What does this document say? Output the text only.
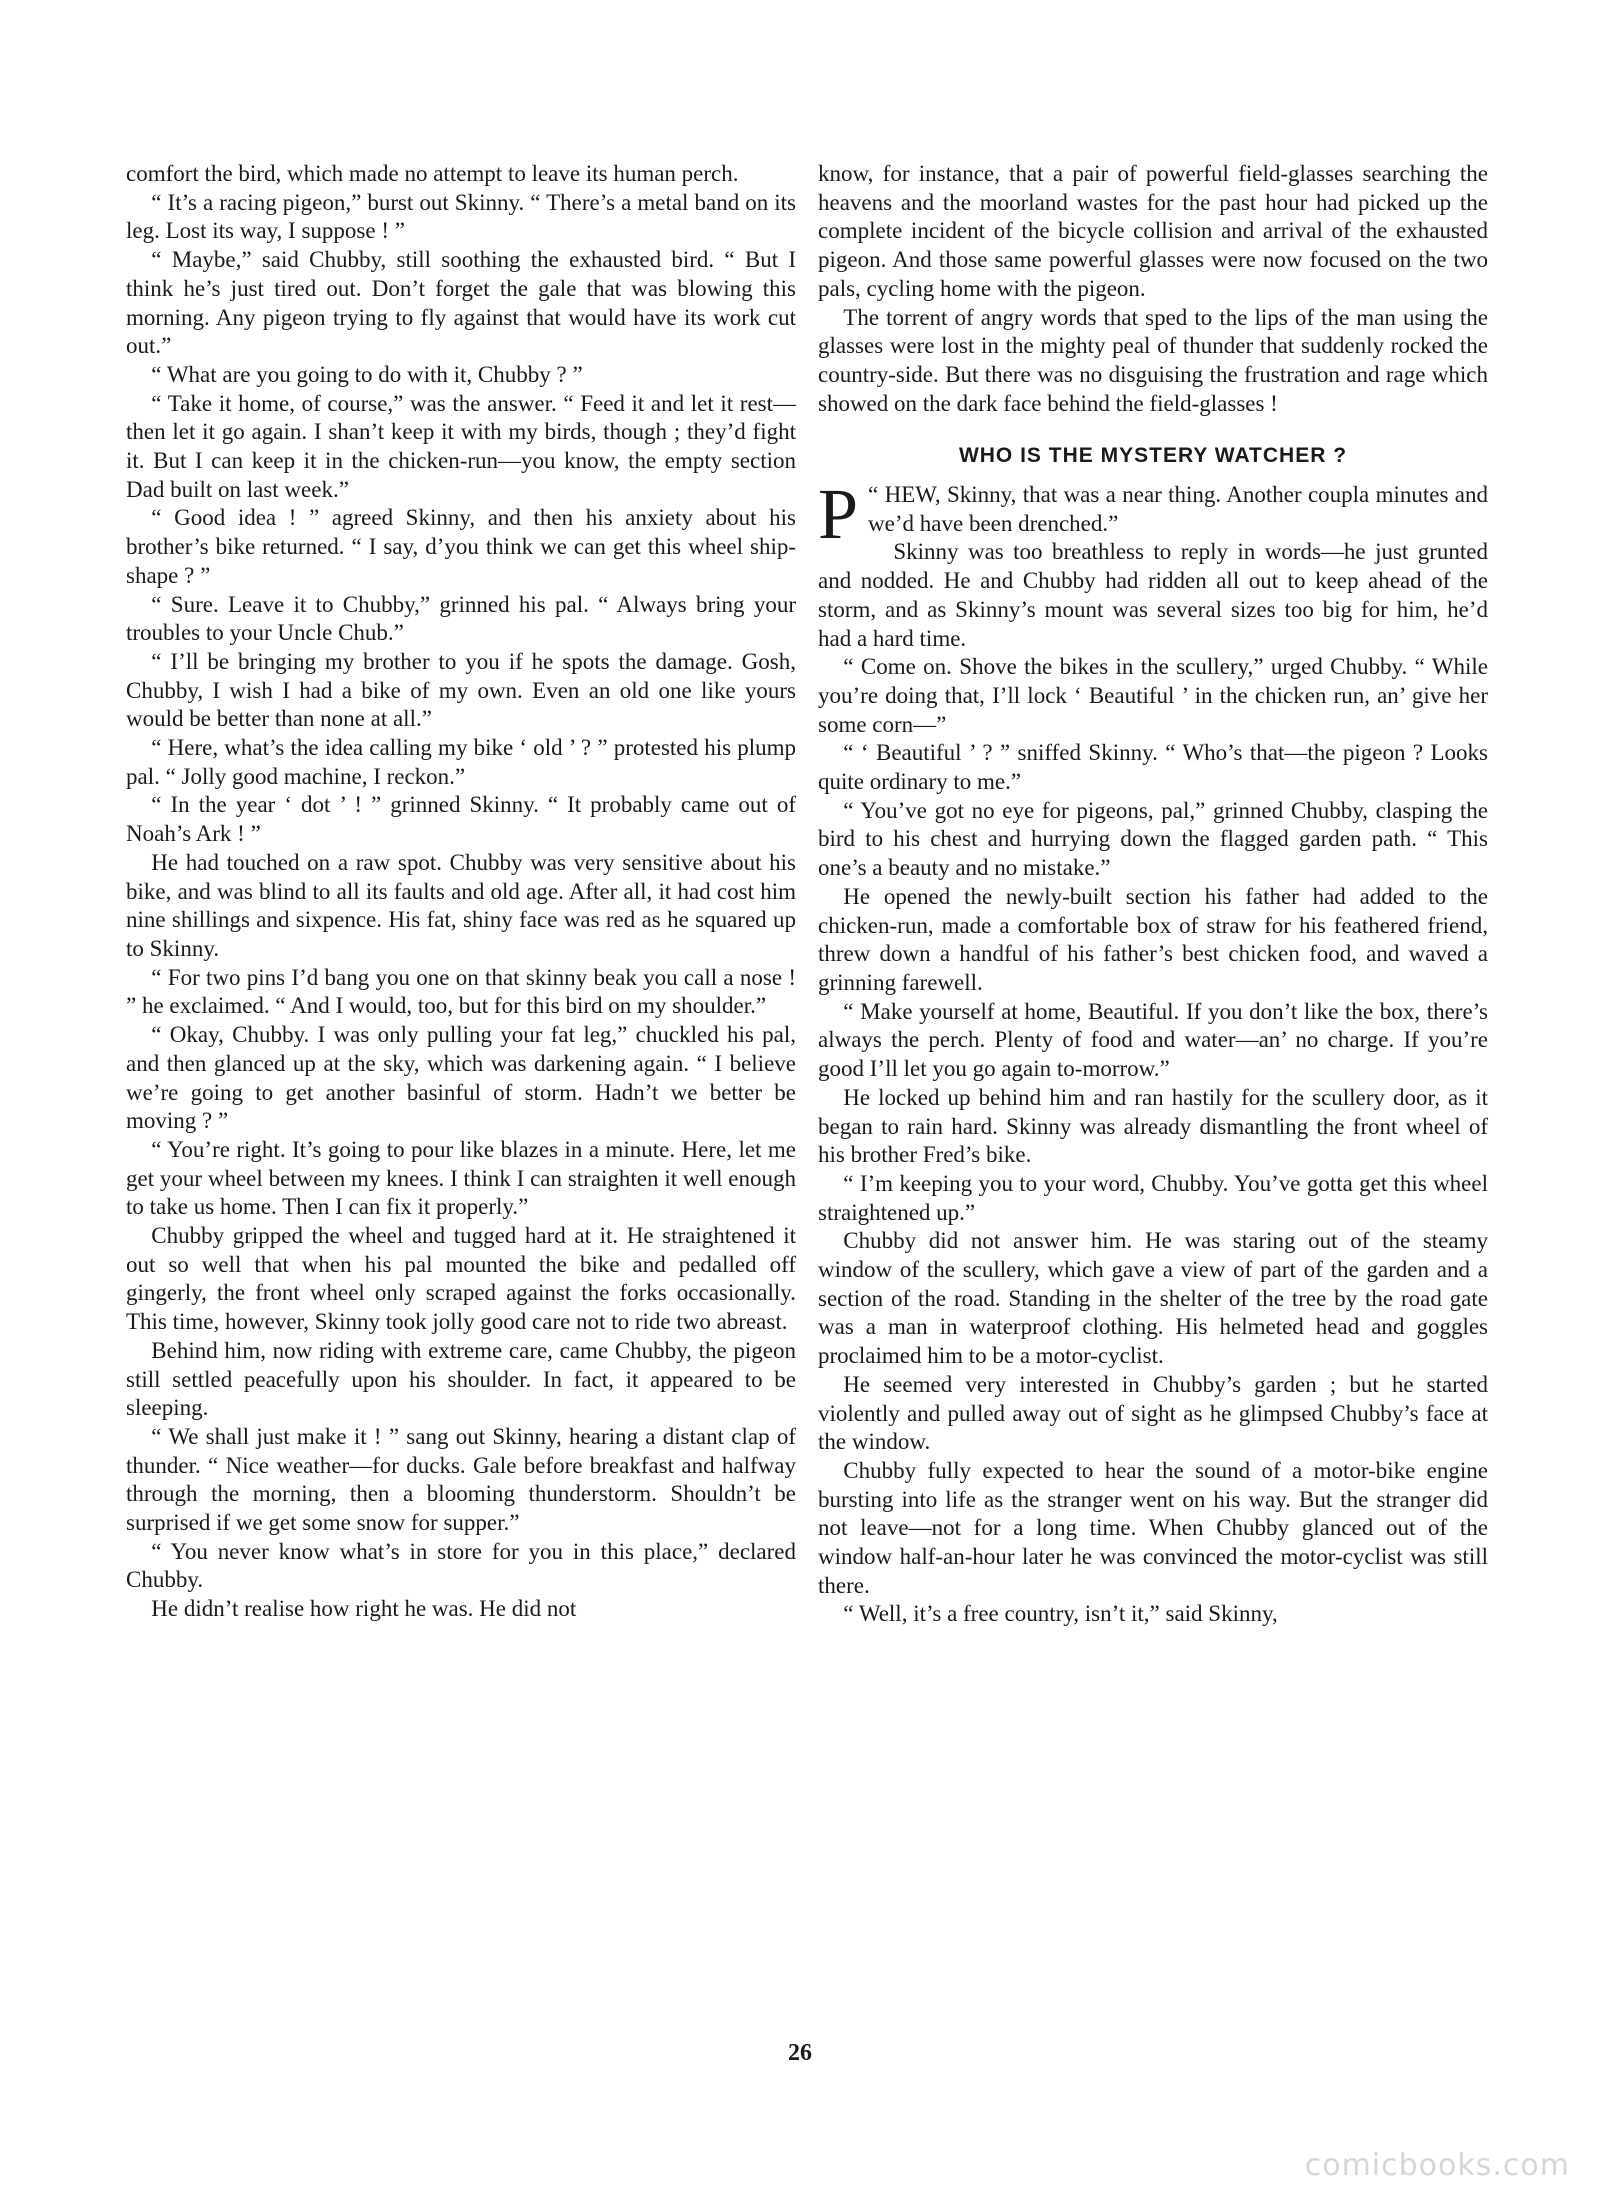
comfort the bird, which made no attempt to leave its human perch.

“ It’s a racing pigeon,” burst out Skinny. “ There’s a metal band on its leg. Lost its way, I suppose ! ”

“ Maybe,” said Chubby, still soothing the exhausted bird. “ But I think he’s just tired out. Don’t forget the gale that was blowing this morning. Any pigeon trying to fly against that would have its work cut out.”

“ What are you going to do with it, Chubby ? ”

“ Take it home, of course,” was the answer. “ Feed it and let it rest—then let it go again. I shan’t keep it with my birds, though ; they’d fight it. But I can keep it in the chicken-run—you know, the empty section Dad built on last week.”

“ Good idea ! ” agreed Skinny, and then his anxiety about his brother’s bike returned. “ I say, d’you think we can get this wheel ship-shape ? ”

“ Sure. Leave it to Chubby,” grinned his pal. “ Always bring your troubles to your Uncle Chub.”

“ I’ll be bringing my brother to you if he spots the damage. Gosh, Chubby, I wish I had a bike of my own. Even an old one like yours would be better than none at all.”

“ Here, what’s the idea calling my bike ‘ old ’ ? ” protested his plump pal. “ Jolly good machine, I reckon.”

“ In the year ‘ dot ’ ! ” grinned Skinny. “ It probably came out of Noah’s Ark ! ”

He had touched on a raw spot. Chubby was very sensitive about his bike, and was blind to all its faults and old age. After all, it had cost him nine shillings and sixpence. His fat, shiny face was red as he squared up to Skinny.

“ For two pins I’d bang you one on that skinny beak you call a nose ! ” he exclaimed. “ And I would, too, but for this bird on my shoulder.”

“ Okay, Chubby. I was only pulling your fat leg,” chuckled his pal, and then glanced up at the sky, which was darkening again. “ I believe we’re going to get another basinful of storm. Hadn’t we better be moving ? ”

“ You’re right. It’s going to pour like blazes in a minute. Here, let me get your wheel between my knees. I think I can straighten it well enough to take us home. Then I can fix it properly.”

Chubby gripped the wheel and tugged hard at it. He straightened it out so well that when his pal mounted the bike and pedalled off gingerly, the front wheel only scraped against the forks occasionally. This time, however, Skinny took jolly good care not to ride two abreast.

Behind him, now riding with extreme care, came Chubby, the pigeon still settled peacefully upon his shoulder. In fact, it appeared to be sleeping.

“ We shall just make it ! ” sang out Skinny, hearing a distant clap of thunder. “ Nice weather—for ducks. Gale before breakfast and halfway through the morning, then a blooming thunderstorm. Shouldn’t be surprised if we get some snow for supper.”

“ You never know what’s in store for you in this place,” declared Chubby.

He didn’t realise how right he was. He did not

know, for instance, that a pair of powerful field-glasses searching the heavens and the moorland wastes for the past hour had picked up the complete incident of the bicycle collision and arrival of the exhausted pigeon. And those same powerful glasses were now focused on the two pals, cycling home with the pigeon.

The torrent of angry words that sped to the lips of the man using the glasses were lost in the mighty peal of thunder that suddenly rocked the country-side. But there was no disguising the frustration and rage which showed on the dark face behind the field-glasses !

WHO IS THE MYSTERY WATCHER ?

“
P HEW, Skinny, that was a near thing. Another coupla minutes and we’d have been drenched.”

Skinny was too breathless to reply in words—he just grunted and nodded. He and Chubby had ridden all out to keep ahead of the storm, and as Skinny’s mount was several sizes too big for him, he’d had a hard time.

“ Come on. Shove the bikes in the scullery,” urged Chubby. “ While you’re doing that, I’ll lock ‘ Beautiful ’ in the chicken run, an’ give her some corn—”

“ ‘ Beautiful ’ ? ” sniffed Skinny. “ Who’s that—the pigeon ? Looks quite ordinary to me.”

“ You’ve got no eye for pigeons, pal,” grinned Chubby, clasping the bird to his chest and hurrying down the flagged garden path. “ This one’s a beauty and no mistake.”

He opened the newly-built section his father had added to the chicken-run, made a comfortable box of straw for his feathered friend, threw down a handful of his father’s best chicken food, and waved a grinning farewell.

“ Make yourself at home, Beautiful. If you don’t like the box, there’s always the perch. Plenty of food and water—an’ no charge. If you’re good I’ll let you go again to-morrow.”

He locked up behind him and ran hastily for the scullery door, as it began to rain hard. Skinny was already dismantling the front wheel of his brother Fred’s bike.

“ I’m keeping you to your word, Chubby. You’ve gotta get this wheel straightened up.”

Chubby did not answer him. He was staring out of the steamy window of the scullery, which gave a view of part of the garden and a section of the road. Standing in the shelter of the tree by the road gate was a man in waterproof clothing. His helmeted head and goggles proclaimed him to be a motor-cyclist.

He seemed very interested in Chubby’s garden ; but he started violently and pulled away out of sight as he glimpsed Chubby’s face at the window.

Chubby fully expected to hear the sound of a motor-bike engine bursting into life as the stranger went on his way. But the stranger did not leave—not for a long time. When Chubby glanced out of the window half-an-hour later he was convinced the motor-cyclist was still there.

“ Well, it’s a free country, isn’t it,” said Skinny,

26
comicbooks.com
